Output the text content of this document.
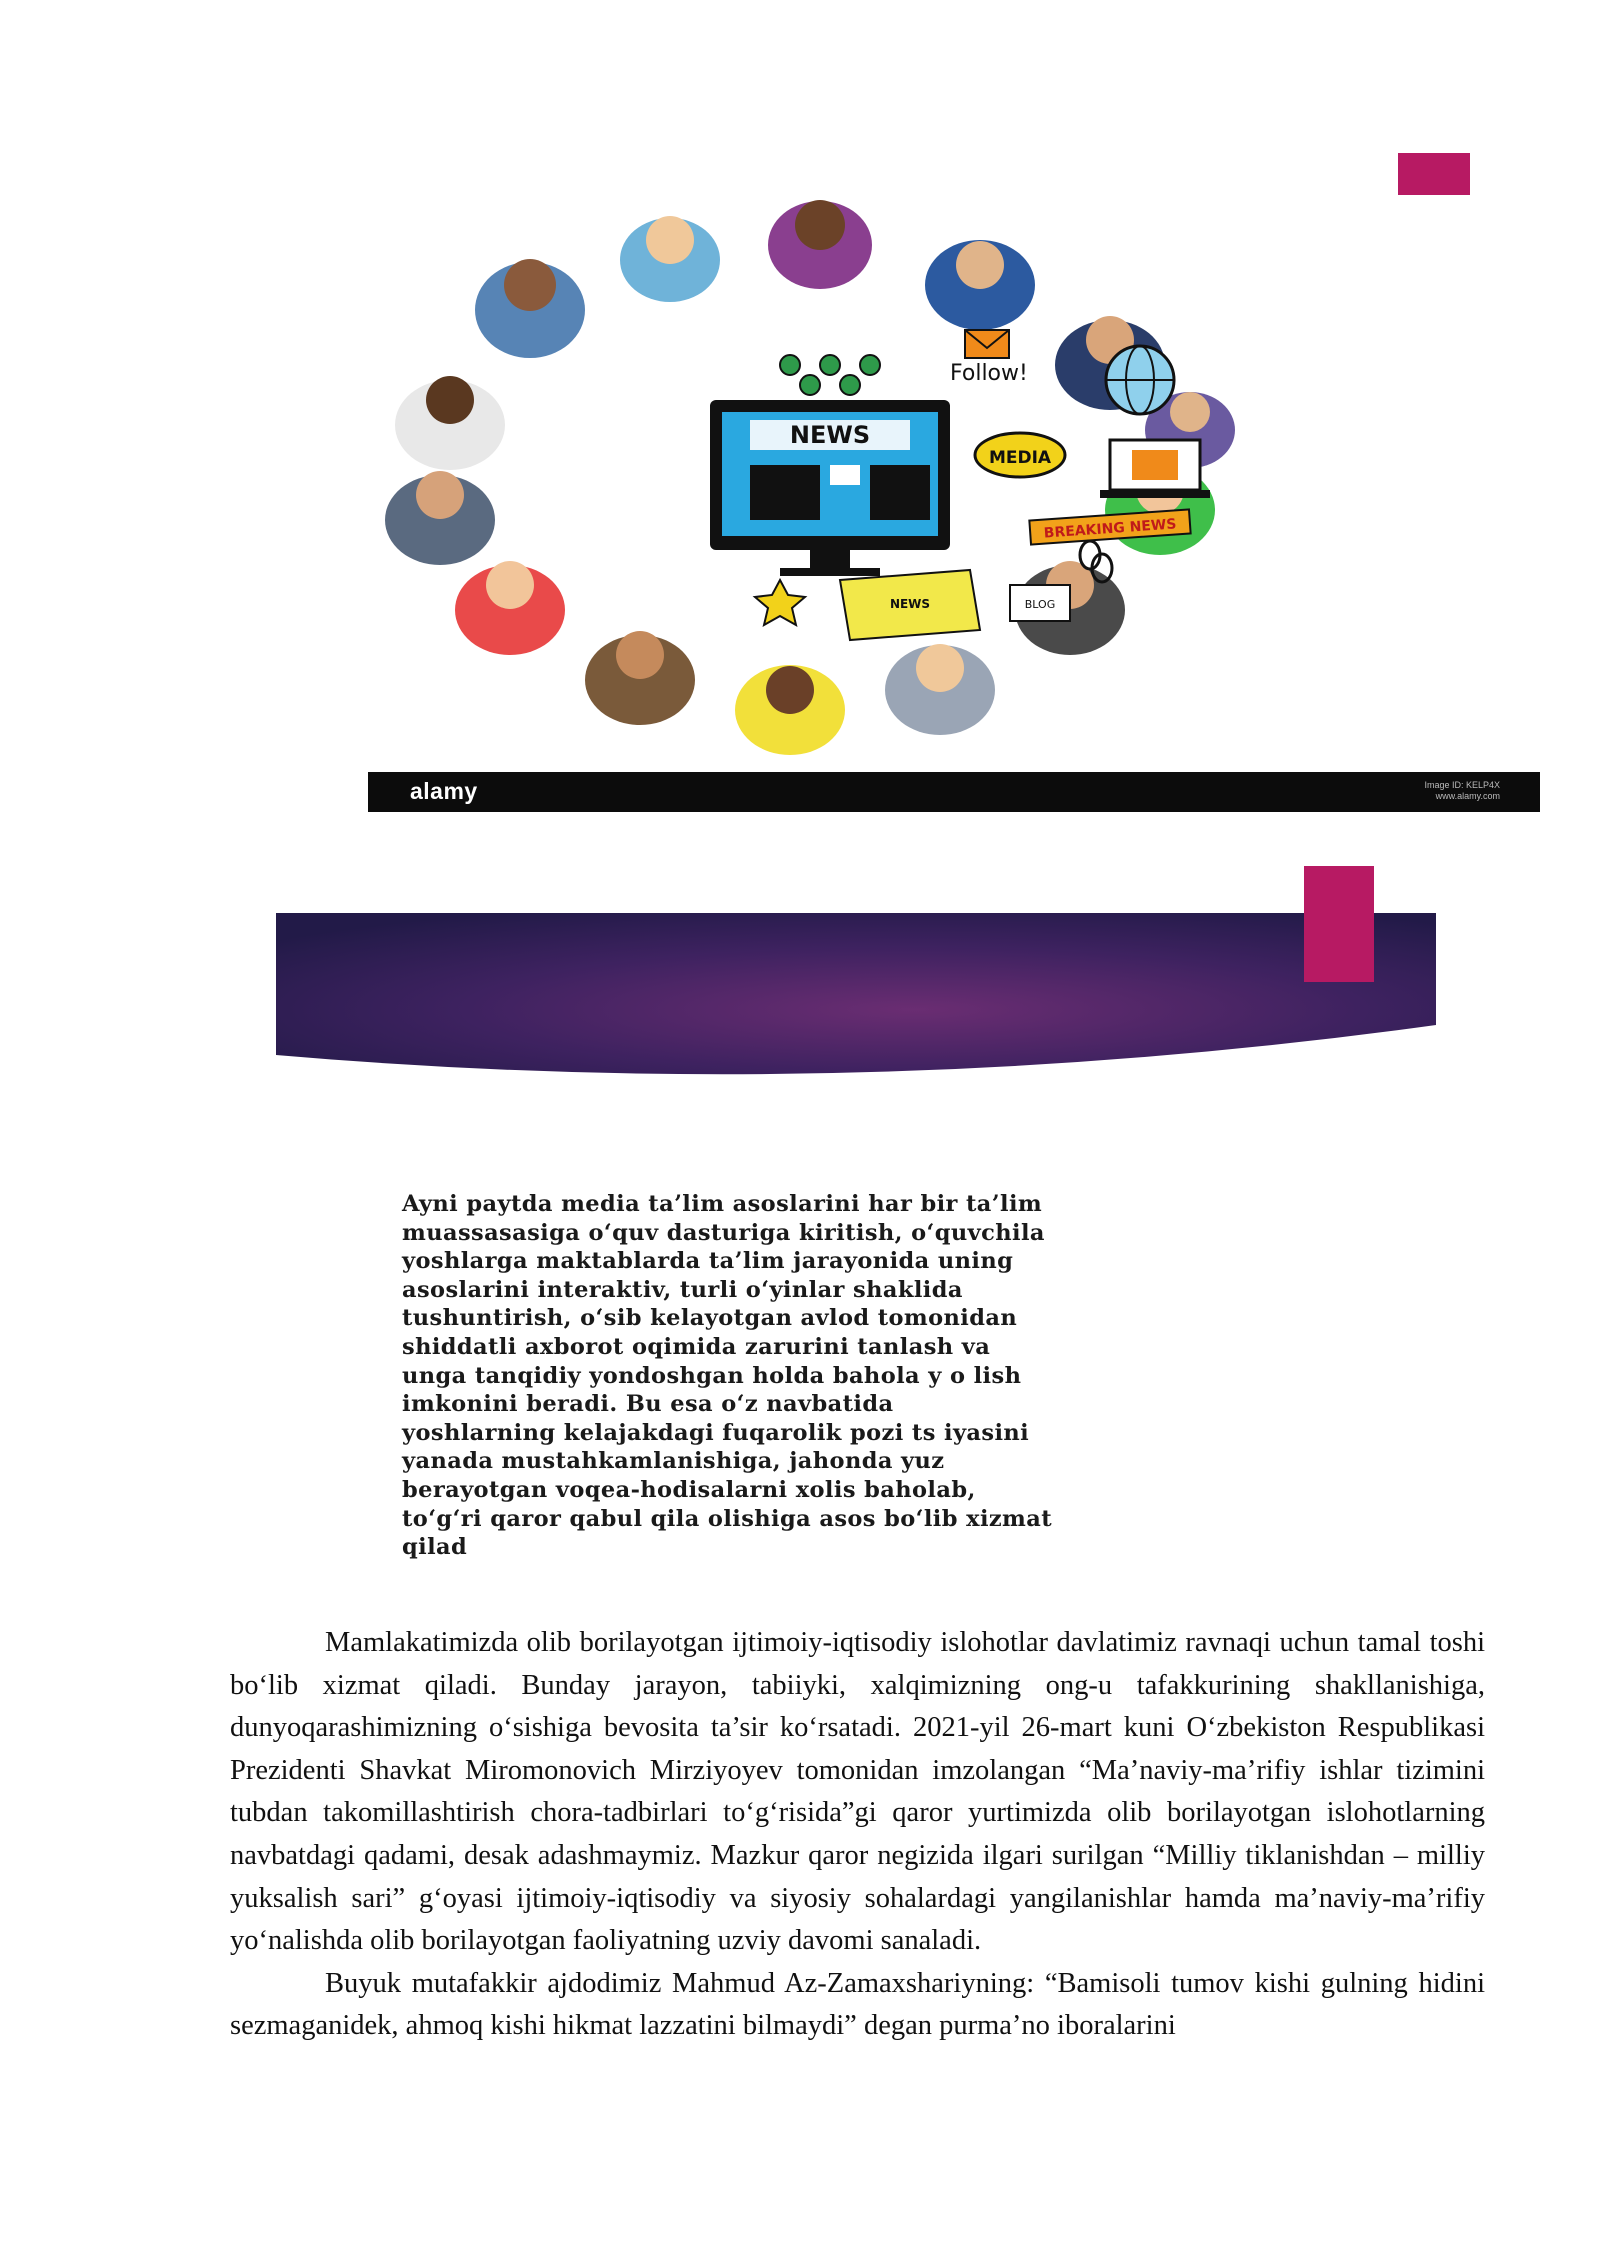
NEWS
MEDIA
Follow!
BREAKING NEWS
NEWS	BLOG alamy
alamy	Image ID: KELP4X
www.alamy.com
Ayni paytda media ta’lim asoslarini har bir ta’lim
muassasasiga o‘quv dasturiga kiritish, o‘quvchila
yoshlarga maktablarda ta’lim jarayonida uning
asoslarini interaktiv, turli o‘yinlar shaklida
tushuntirish, o‘sib kelayotgan avlod tomonidan
shiddatli axborot oqimida zarurini tanlash va
unga tanqidiy yondoshgan holda bahola y o lish
imkonini beradi. Bu esa o‘z navbatida
yoshlarning kelajakdagi fuqarolik pozi ts iyasini
yanada mustahkamlanishiga, jahonda yuz
berayotgan voqea-hodisalarni xolis baholab,
to‘g‘ri qaror qabul qila olishiga asos bo‘lib xizmat
qilad

Mamlakatimizda olib borilayotgan ijtimoiy-iqtisodiy islohotlar davlatimiz ravnaqi uchun tamal toshi bo‘lib xizmat qiladi. Bunday jarayon, tabiiyki, xalqimizning ong-u tafakkurining shakllanishiga, dunyoqarashimizning o‘sishiga bevosita ta’sir ko‘rsatadi. 2021-yil 26-mart kuni O‘zbekiston Respublikasi Prezidenti Shavkat Miromonovich Mirziyoyev tomonidan imzolangan “Ma’naviy-ma’rifiy ishlar tizimini tubdan takomillashtirish chora-tadbirlari to‘g‘risida”gi qaror yurtimizda olib borilayotgan islohotlarning navbatdagi qadami, desak adashmaymiz. Mazkur qaror negizida ilgari surilgan “Milliy tiklanishdan – milliy yuksalish sari” g‘oyasi ijtimoiy-iqtisodiy va siyosiy sohalardagi yangilanishlar hamda ma’naviy-ma’rifiy yo‘nalishda olib borilayotgan faoliyatning uzviy davomi sanaladi.

Buyuk mutafakkir ajdodimiz Mahmud Az-Zamaxshariyning: “Bamisoli tumov kishi gulning hidini sezmaganidek, ahmoq kishi hikmat lazzatini bilmaydi” degan purma’no iboralarini
